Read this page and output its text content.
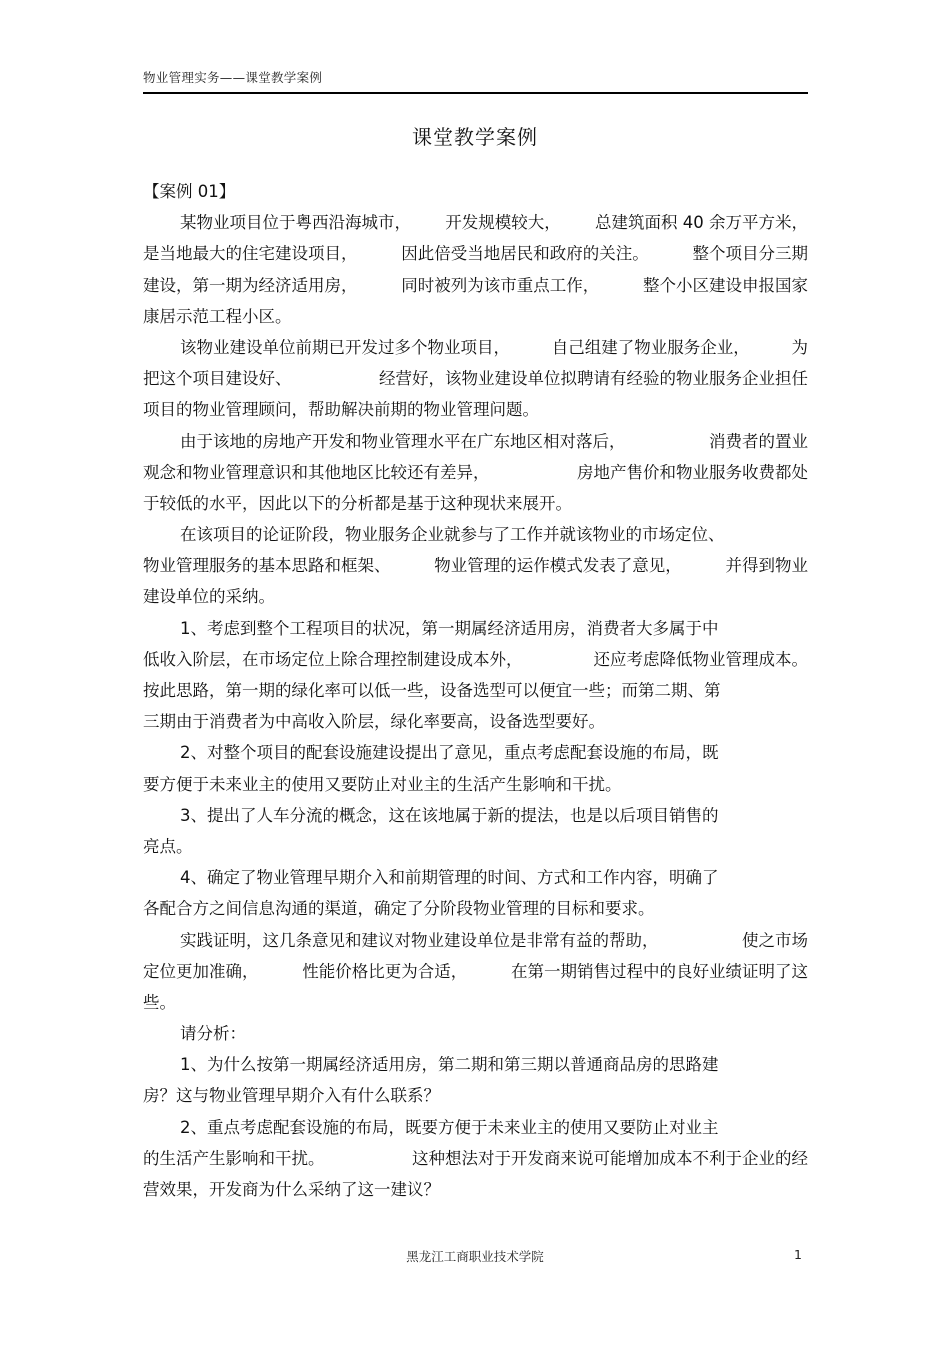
物业管理实务——课堂教学案例
课堂教学案例
【案例 01】
某物业项目位于粤西沿海城市， 开发规模较大， 总建筑面积 40 余万平方米，
是当地最大的住宅建设项目，	因此倍受当地居民和政府的关注。	整个项目分三期
建设，第一期为经济适用房，	同时被列为该市重点工作，	整个小区建设申报国家
康居示范工程小区。
该物业建设单位前期已开发过多个物业项目，	自己组建了物业服务企业，	为
把这个项目建设好、	经营好，该物业建设单位拟聘请有经验的物业服务企业担任
项目的物业管理顾问，帮助解决前期的物业管理问题。
由于该地的房地产开发和物业管理水平在广东地区相对落后，	消费者的置业
观念和物业管理意识和其他地区比较还有差异，	房地产售价和物业服务收费都处
于较低的水平，因此以下的分析都是基于这种现状来展开。
在该项目的论证阶段，物业服务企业就参与了工作并就该物业的市场定位、
物业管理服务的基本思路和框架、	物业管理的运作模式发表了意见，	并得到物业
建设单位的采纳。
1、考虑到整个工程项目的状况，第一期属经济适用房，消费者大多属于中
低收入阶层，在市场定位上除合理控制建设成本外，	还应考虑降低物业管理成本。
按此思路，第一期的绿化率可以低一些，设备选型可以便宜一些；而第二期、第
三期由于消费者为中高收入阶层，绿化率要高，设备选型要好。
2、对整个项目的配套设施建设提出了意见，重点考虑配套设施的布局，既
要方便于未来业主的使用又要防止对业主的生活产生影响和干扰。
3、提出了人车分流的概念，这在该地属于新的提法，也是以后项目销售的
亮点。
4、确定了物业管理早期介入和前期管理的时间、方式和工作内容，明确了
各配合方之间信息沟通的渠道，确定了分阶段物业管理的目标和要求。
实践证明，这几条意见和建议对物业建设单位是非常有益的帮助，	使之市场
定位更加准确，	性能价格比更为合适，	在第一期销售过程中的良好业绩证明了这
些。
请分析：
1、为什么按第一期属经济适用房，第二期和第三期以普通商品房的思路建
房？这与物业管理早期介入有什么联系？
2、重点考虑配套设施的布局，既要方便于未来业主的使用又要防止对业主
的生活产生影响和干扰。	这种想法对于开发商来说可能增加成本不利于企业的经
营效果，开发商为什么采纳了这一建议？
黑龙江工商职业技术学院	1
